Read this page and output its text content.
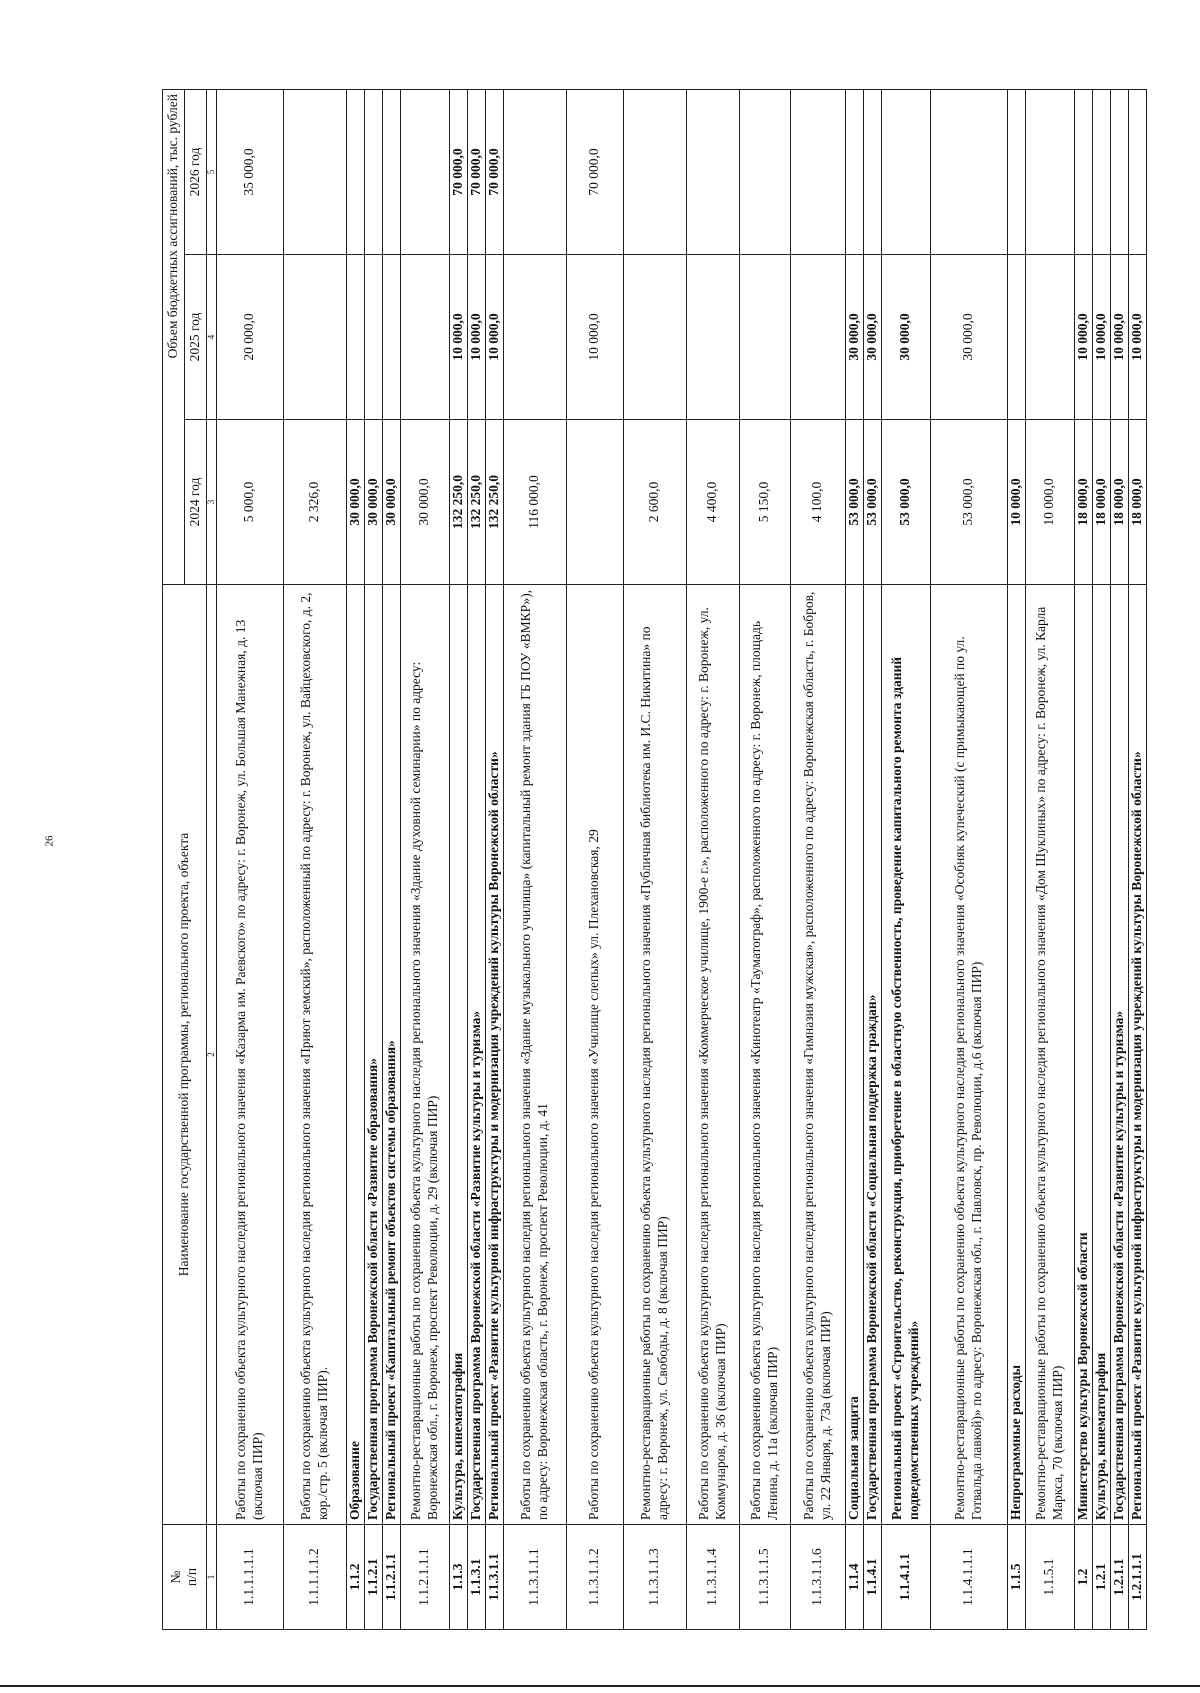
26
№
п/п	Наименование государственной программы, регионального проекта, объекта	Объем бюджетных ассигнований, тыс. рублей		
		2024 год	2025 год	2026 год
1	2	3	4	5
1.1.1.1.1.1	Работы по сохранению объекта культурного наследия регионального значения «Казарма им. Раевского» по адресу: г. Воронеж, ул. Большая Манежная, д. 13 (включая ПИР)	5 000,0	20 000,0	35 000,0
1.1.1.1.1.2	Работы по сохранению объекта культурного наследия регионального значения «Приют земский», расположенный по адресу: г. Воронеж, ул. Вайцеховского, д. 2, кор./стр. 5 (включая ПИР).	2 326,0		
1.1.2	Образование	30 000,0		
1.1.2.1	Государственная программа Воронежской области «Развитие образования»	30 000,0		
1.1.2.1.1	Региональный проект «Капитальный ремонт объектов системы образования»	30 000,0		
1.1.2.1.1.1	Ремонтно-реставрационные работы по сохранению объекта культурного наследия регионального значения «Здание духовной семинарии» по адресу: Воронежская обл., г. Воронеж, проспект Революции, д. 29 (включая ПИР)	30 000,0		
1.1.3	Культура, кинематография	132 250,0	10 000,0	70 000,0
1.1.3.1	Государственная программа Воронежской области «Развитие культуры и туризма»	132 250,0	10 000,0	70 000,0
1.1.3.1.1	Региональный проект «Развитие культурной инфраструктуры и модернизация учреждений культуры Воронежской области»	132 250,0	10 000,0	70 000,0
1.1.3.1.1.1	Работы по сохранению объекта культурного наследия регионального значения «Здание музыкального училища» (капитальный ремонт здания ГБ ПОУ «ВМКР»), по адресу: Воронежская область, г. Воронеж, проспект Революции, д. 41	116 000,0		
1.1.3.1.1.2	Работы по сохранению объекта культурного наследия регионального значения «Училище слепых» ул. Плехановская, 29		10 000,0	70 000,0
1.1.3.1.1.3	Ремонтно-реставрационные работы по сохранению объекта культурного наследия регионального значения «Публичная библиотека им. И.С. Никитина» по адресу: г. Воронеж, ул. Свободы, д. 8 (включая ПИР)	2 600,0		
1.1.3.1.1.4	Работы по сохранению объекта культурного наследия регионального значения «Коммерческое училище, 1900-е г.», расположенного по адресу: г. Воронеж, ул. Коммунаров, д. 36 (включая ПИР)	4 400,0		
1.1.3.1.1.5	Работы по сохранению объекта культурного наследия регионального значения «Кинотеатр «Тауматограф», расположенного по адресу: г. Воронеж, площадь Ленина, д. 11а (включая ПИР)	5 150,0		
1.1.3.1.1.6	Работы по сохранению объекта культурного наследия регионального значения «Гимназия мужская», расположенного по адресу: Воронежская область, г. Бобров, ул. 22 Января, д. 73а (включая ПИР)	4 100,0		
1.1.4	Социальная защита	53 000,0	30 000,0	
1.1.4.1	Государственная программа Воронежской области «Социальная поддержка граждан»	53 000,0	30 000,0	
1.1.4.1.1	Региональный проект «Строительство, реконструкция, приобретение в областную собственность, проведение капитального ремонта зданий подведомственных учреждений»	53 000,0	30 000,0	
1.1.4.1.1.1	Ремонтно-реставрационные работы по сохранению объекта культурного наследия регионального значения «Особняк купеческий (с примыкающей по ул. Готвальда лавкой)» по адресу: Воронежская обл., г. Павловск, пр. Революции, д.6 (включая ПИР)	53 000,0	30 000,0	
1.1.5	Непрограммные расходы	10 000,0		
1.1.5.1	Ремонтно-реставрационные работы по сохранению объекта культурного наследия регионального значения «Дом Шуклиных» по адресу: г. Воронеж, ул. Карла Маркса, 70 (включая ПИР)	10 000,0		
1.2	Министерство культуры Воронежской области	18 000,0	10 000,0	
1.2.1	Культура, кинематография	18 000,0	10 000,0	
1.2.1.1	Государственная программа Воронежской области «Развитие культуры и туризма»	18 000,0	10 000,0	
1.2.1.1.1	Региональный проект «Развитие культурной инфраструктуры и модернизация учреждений культуры Воронежской области»	18 000,0	10 000,0	
